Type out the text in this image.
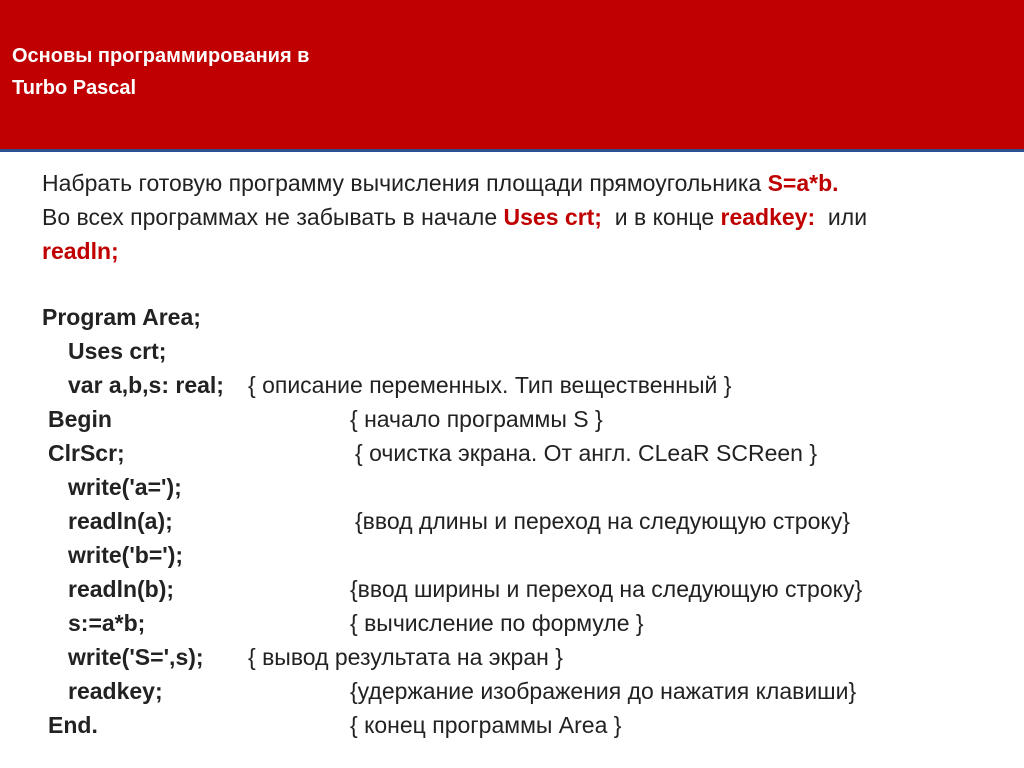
Основы программирования в
Turbo Pascal
Набрать готовую программу вычисления площади прямоугольника S=a*b.
Во всех программах не забывать в начале Uses crt;  и в конце readkey:  или
readln;
Program Area;
Uses crt;
var a,b,s: real; { описание переменных. Тип вещественный }
Begin	{ начало программы S }
ClrScr;	{ очистка экрана. От англ. CLeaR SCReen }
write('a=');
readln(a);	{ввод длины и переход на следующую строку}
write('b=');
readln(b);	{ввод ширины и переход на следующую строку}
s:=a*b;	{ вычисление по формуле }
write('S=',s); { вывод результата на экран }
readkey;	{удержание изображения до нажатия клавиши}
End.	{ конец программы Area }
